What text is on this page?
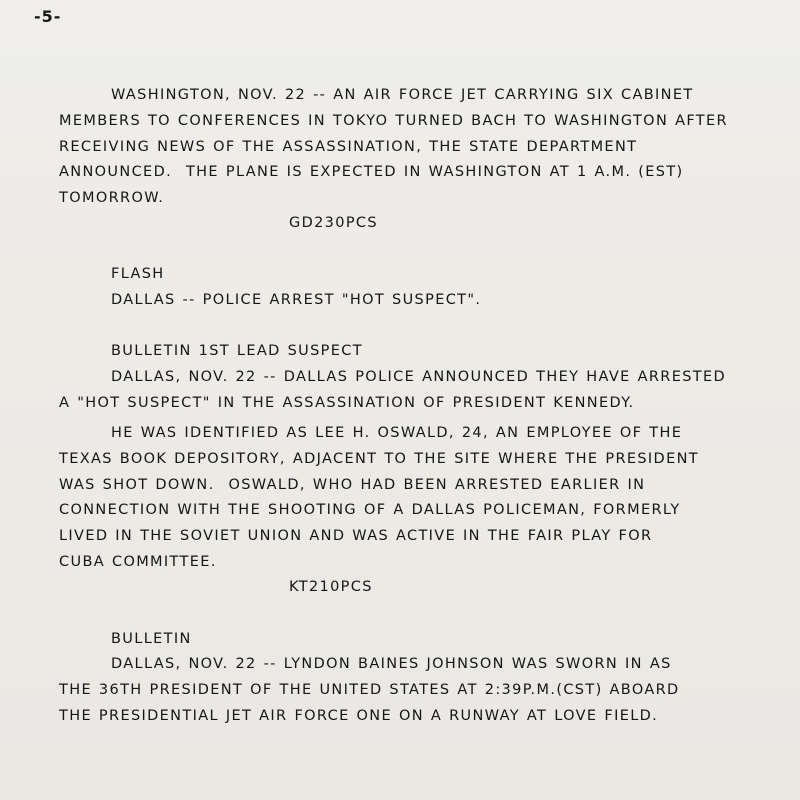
-5-
WASHINGTON, NOV. 22 -- AN AIR FORCE JET CARRYING SIX CABINET
MEMBERS TO CONFERENCES IN TOKYO TURNED BACH TO WASHINGTON AFTER
RECEIVING NEWS OF THE ASSASSINATION, THE STATE DEPARTMENT
ANNOUNCED.  THE PLANE IS EXPECTED IN WASHINGTON AT 1 A.M. (EST)
TOMORROW.
GD230PCS
FLASH
DALLAS -- POLICE ARREST "HOT SUSPECT".
BULLETIN 1ST LEAD SUSPECT
DALLAS, NOV. 22 -- DALLAS POLICE ANNOUNCED THEY HAVE ARRESTED
A "HOT SUSPECT" IN THE ASSASSINATION OF PRESIDENT KENNEDY.
HE WAS IDENTIFIED AS LEE H. OSWALD, 24, AN EMPLOYEE OF THE
TEXAS BOOK DEPOSITORY, ADJACENT TO THE SITE WHERE THE PRESIDENT
WAS SHOT DOWN.  OSWALD, WHO HAD BEEN ARRESTED EARLIER IN
CONNECTION WITH THE SHOOTING OF A DALLAS POLICEMAN, FORMERLY
LIVED IN THE SOVIET UNION AND WAS ACTIVE IN THE FAIR PLAY FOR
CUBA COMMITTEE.
KT210PCS
BULLETIN
DALLAS, NOV. 22 -- LYNDON BAINES JOHNSON WAS SWORN IN AS
THE 36TH PRESIDENT OF THE UNITED STATES AT 2:39P.M.(CST) ABOARD
THE PRESIDENTIAL JET AIR FORCE ONE ON A RUNWAY AT LOVE FIELD.
